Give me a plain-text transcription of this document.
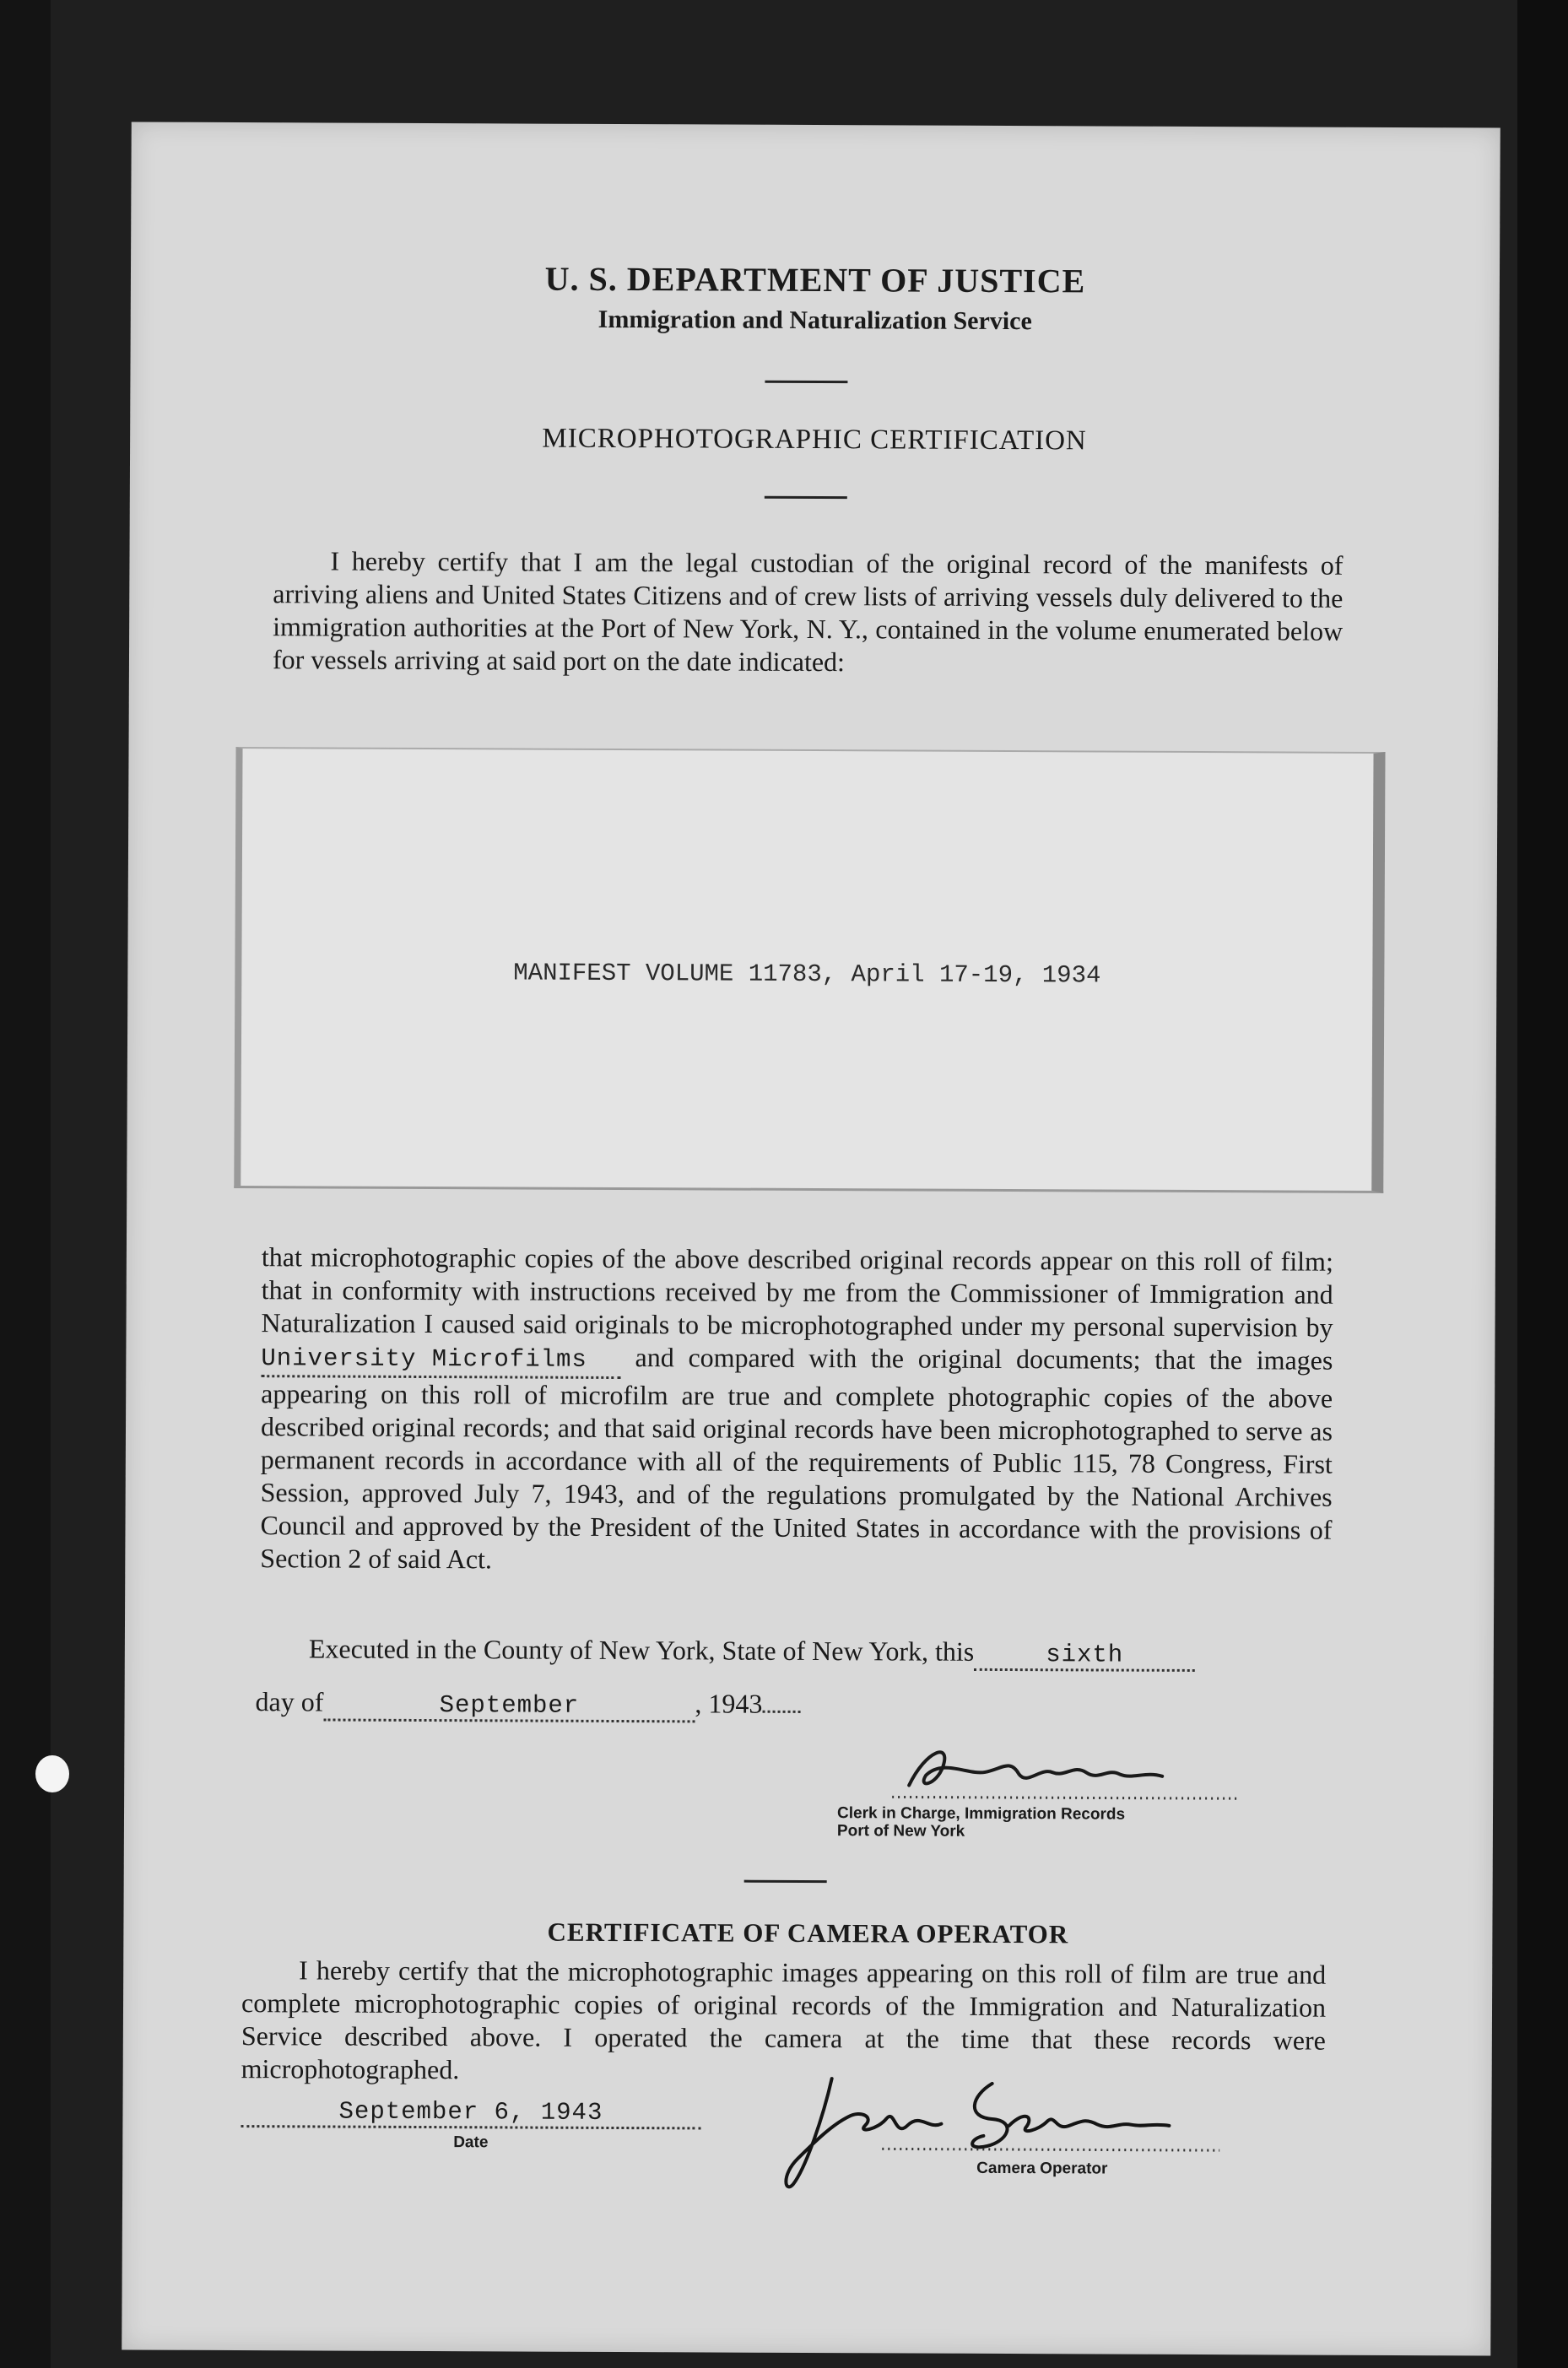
U. S. DEPARTMENT OF JUSTICE
Immigration and Naturalization Service
MICROPHOTOGRAPHIC CERTIFICATION
I hereby certify that I am the legal custodian of the original record of the manifests of arriving aliens and United States Citizens and of crew lists of arriving vessels duly delivered to the immigration authorities at the Port of New York, N. Y., contained in the volume enumerated below for vessels arriving at said port on the date indicated:
MANIFEST VOLUME 11783, April 17-19, 1934
that microphotographic copies of the above described original records appear on this roll of film; that in conformity with instructions received by me from the Commissioner of Immigration and Naturalization I caused said originals to be microphotographed under my personal supervision by University Microfilms and compared with the original documents; that the images appearing on this roll of microfilm are true and complete photographic copies of the above described original records; and that said original records have been microphotographed to serve as permanent records in accordance with all of the requirements of Public 115, 78 Congress, First Session, approved July 7, 1943, and of the regulations promulgated by the National Archives Council and approved by the President of the United States in accordance with the provisions of Section 2 of said Act.
Executed in the County of New York, State of New York, this	sixth
day of	September	, 1943
Clerk in Charge, Immigration Records
Port of New York
CERTIFICATE OF CAMERA OPERATOR
I hereby certify that the microphotographic images appearing on this roll of film are true and complete microphotographic copies of original records of the Immigration and Naturalization Service described above. I operated the camera at the time that these records were microphotographed.
September 6, 1943
Date
Camera Operator
